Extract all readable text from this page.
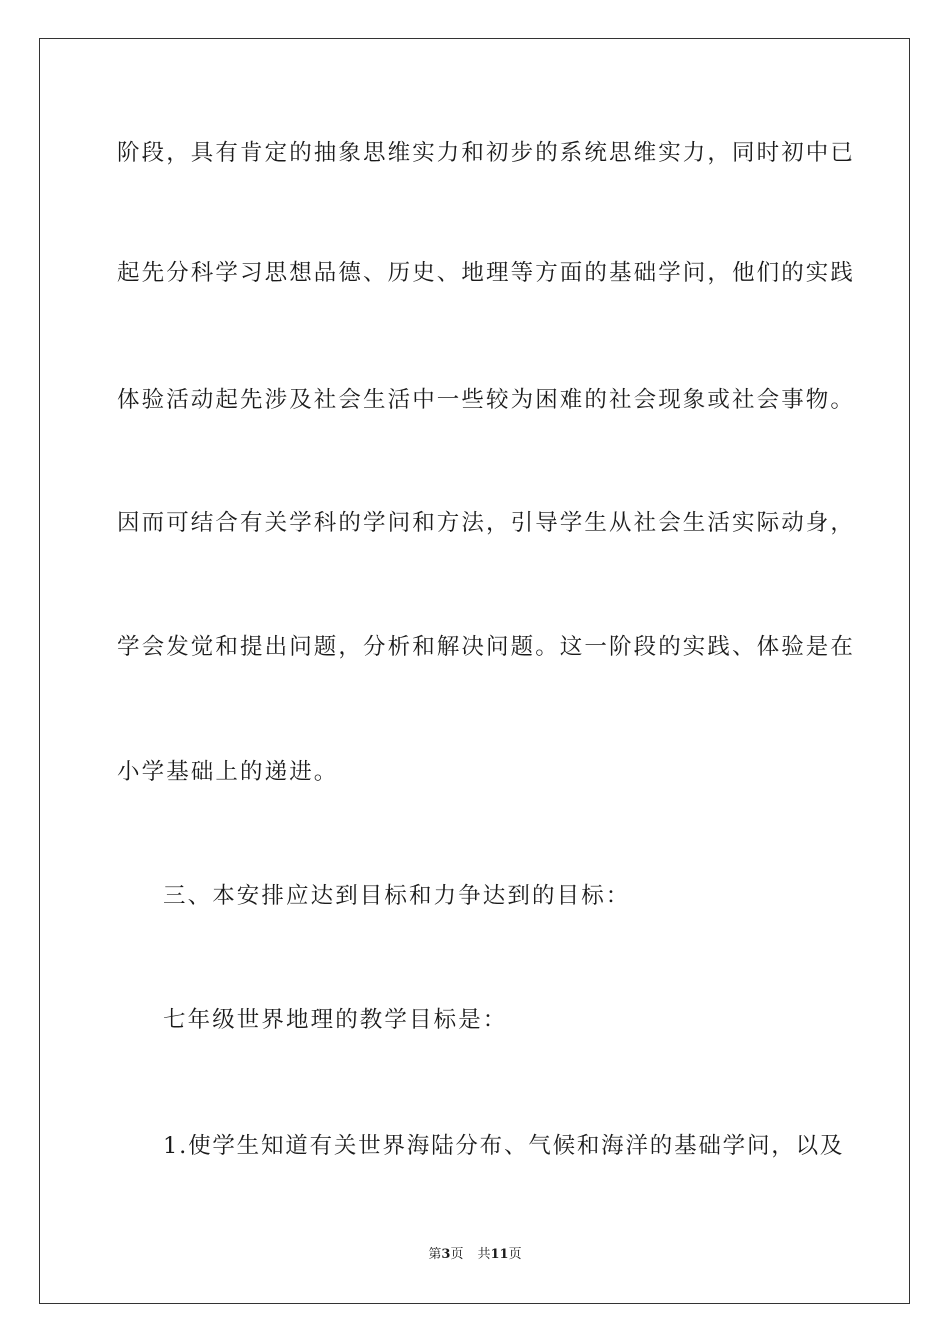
阶段，具有肯定的抽象思维实力和初步的系统思维实力，同时初中已
起先分科学习思想品德、历史、地理等方面的基础学问，他们的实践
体验活动起先涉及社会生活中一些较为困难的社会现象或社会事物。
因而可结合有关学科的学问和方法，引导学生从社会生活实际动身，
学会发觉和提出问题，分析和解决问题。这一阶段的实践、体验是在
小学基础上的递进。
三、本安排应达到目标和力争达到的目标：
七年级世界地理的教学目标是：
1.使学生知道有关世界海陆分布、气候和海洋的基础学问，以及
第3页 共11页
